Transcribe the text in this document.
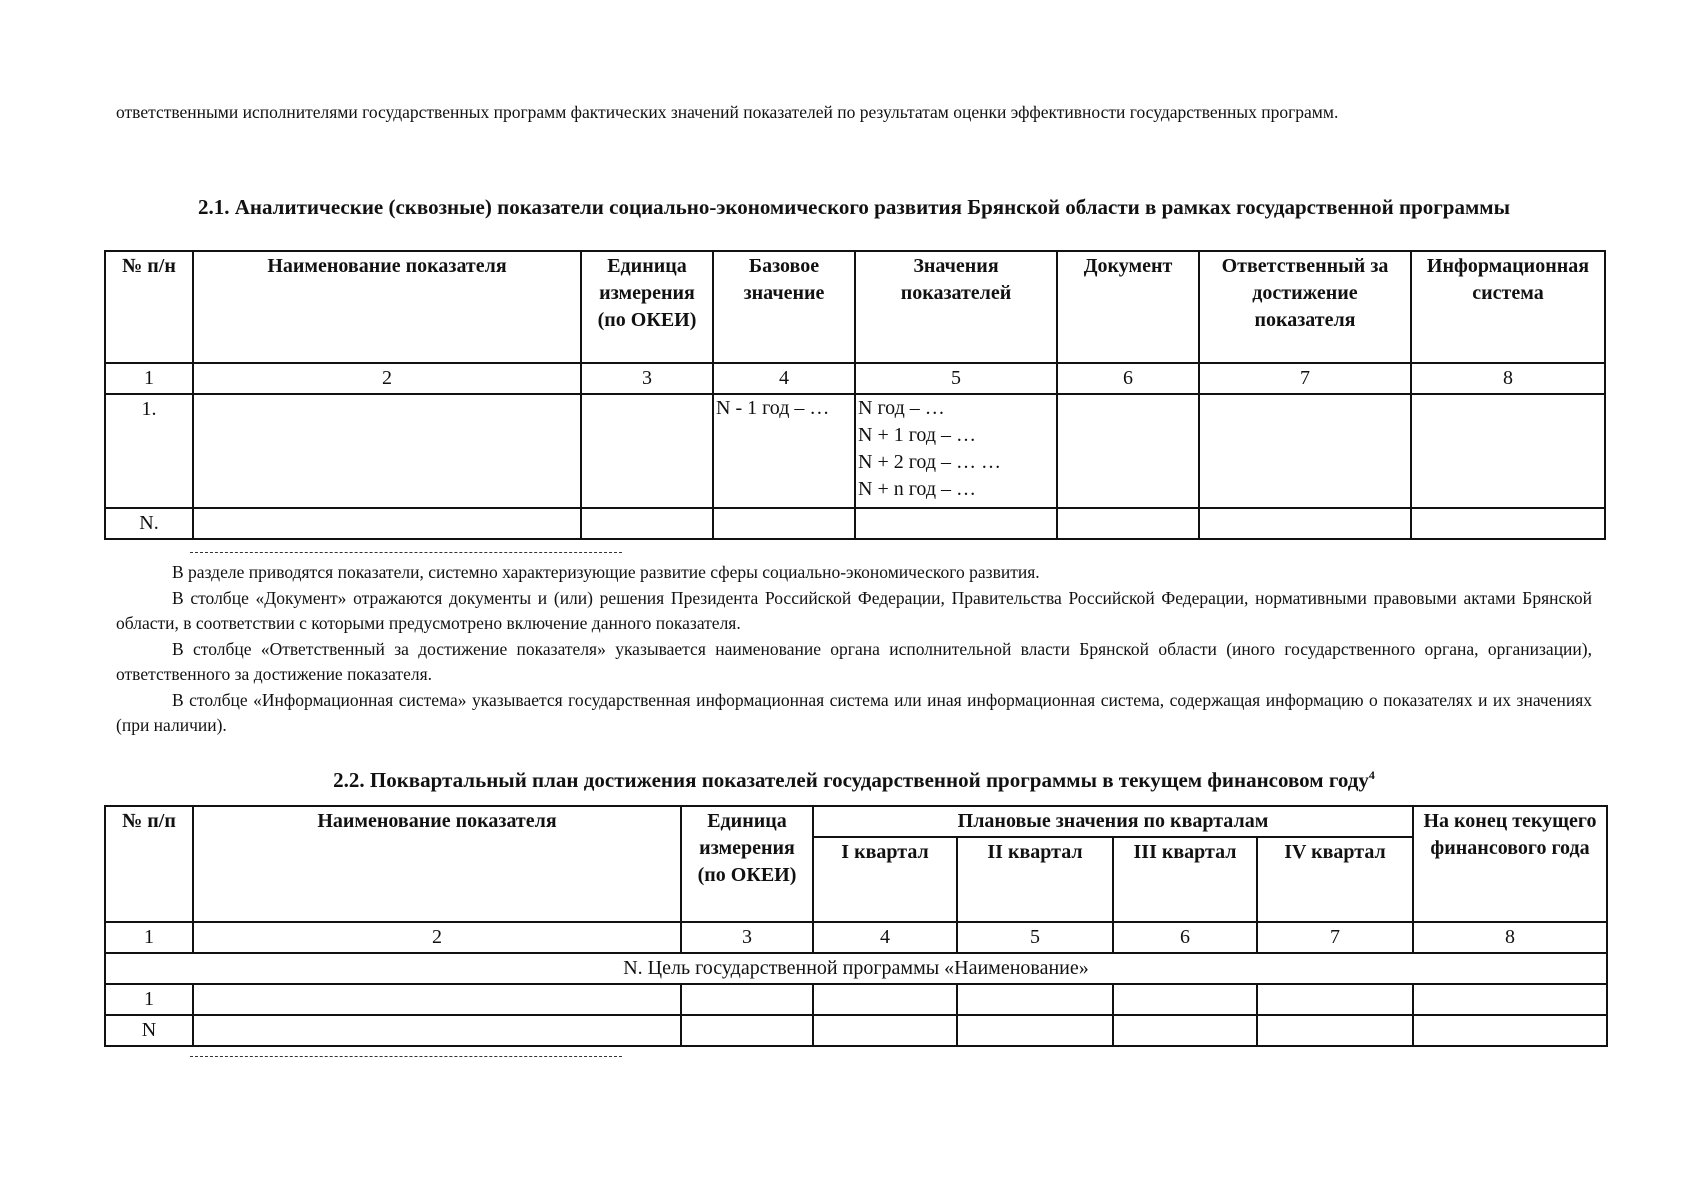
ответственными исполнителями государственных программ фактических значений показателей по результатам оценки эффективности государственных программ.

2.1. Аналитические (сквозные) показатели социально-экономического развития Брянской области в рамках государственной программы

№ п/н	Наименование показателя	Единица измерения (по ОКЕИ)	Базовое значение	Значения показателей	Документ	Ответственный за достижение показателя	Информационная система
1	2	3	4	5	6	7	8
1.			N - 1 год – …	N год – …
N + 1 год – …
N + 2 год – … …
N + n год – …			

N.							

В разделе приводятся показатели, системно характеризующие развитие сферы социально-экономического развития.

В столбце «Документ» отражаются документы и (или) решения Президента Российской Федерации, Правительства Российской Федерации, нормативными правовыми актами Брянской области, в соответствии с которыми предусмотрено включение данного показателя.

В столбце «Ответственный за достижение показателя» указывается наименование органа исполнительной власти Брянской области (иного государственного органа, организации), ответственного за достижение показателя.

В столбце «Информационная система» указывается государственная информационная система или иная информационная система, содержащая информацию о показателях и их значениях (при наличии).

2.2. Поквартальный план достижения показателей государственной программы в текущем финансовом году$^4$

№ п/п	Наименование показателя	Единица измерения (по ОКЕИ)	Плановые значения по кварталам				На конец текущего финансового года
			I квартал	II квартал	III квартал	IV квартал	
1	2	3	4	5	6	7	8
N. Цель государственной программы «Наименование»							
1							
N							
